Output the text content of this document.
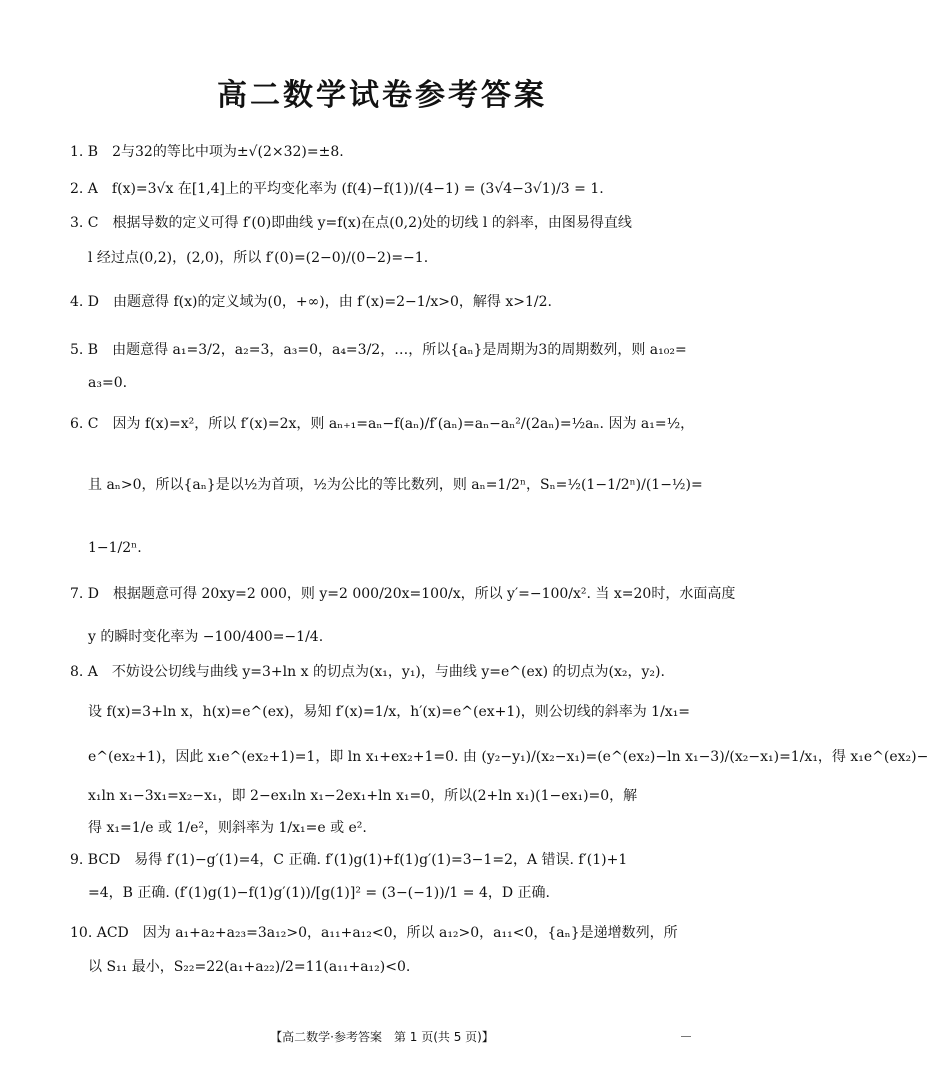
高二数学试卷参考答案
1. B 2与32的等比中项为±√(2×32)=±8.
2. A f(x)=3√x 在[1,4]上的平均变化率为 (f(4)−f(1))/(4−1) = (3√4−3√1)/3 = 1.
3. C 根据导数的定义可得 f′(0)即曲线 y=f(x)在点(0,2)处的切线 l 的斜率，由图易得直线
l 经过点(0,2)，(2,0)，所以 f′(0)=(2−0)/(0−2)=−1.
4. D 由题意得 f(x)的定义域为(0，+∞)，由 f′(x)=2−1/x>0，解得 x>1/2.
5. B 由题意得 a₁=3/2，a₂=3，a₃=0，a₄=3/2，…，所以{aₙ}是周期为3的周期数列，则 a₁₀₂=
a₃=0.
6. C 因为 f(x)=x²，所以 f′(x)=2x，则 aₙ₊₁=aₙ−f(aₙ)/f′(aₙ)=aₙ−aₙ²/(2aₙ)=½aₙ. 因为 a₁=½，
且 aₙ>0，所以{aₙ}是以½为首项，½为公比的等比数列，则 aₙ=1/2ⁿ，Sₙ=½(1−1/2ⁿ)/(1−½)=
1−1/2ⁿ.
7. D 根据题意可得 20xy=2 000，则 y=2 000/20x=100/x，所以 y′=−100/x². 当 x=20时，水面高度
y 的瞬时变化率为 −100/400=−1/4.
8. A 不妨设公切线与曲线 y=3+ln x 的切点为(x₁，y₁)，与曲线 y=e^(ex) 的切点为(x₂，y₂).
设 f(x)=3+ln x，h(x)=e^(ex)，易知 f′(x)=1/x，h′(x)=e^(ex+1)，则公切线的斜率为 1/x₁=
e^(ex₂+1)，因此 x₁e^(ex₂+1)=1，即 ln x₁+ex₂+1=0. 由 (y₂−y₁)/(x₂−x₁)=(e^(ex₂)−ln x₁−3)/(x₂−x₁)=1/x₁，得 x₁e^(ex₂)−
x₁ln x₁−3x₁=x₂−x₁，即 2−ex₁ln x₁−2ex₁+ln x₁=0，所以(2+ln x₁)(1−ex₁)=0，解
得 x₁=1/e 或 1/e²，则斜率为 1/x₁=e 或 e².
9. BCD 易得 f′(1)−g′(1)=4，C 正确. f′(1)g(1)+f(1)g′(1)=3−1=2，A 错误. f′(1)+1
=4，B 正确. (f′(1)g(1)−f(1)g′(1))/[g(1)]² = (3−(−1))/1 = 4，D 正确.
10. ACD 因为 a₁+a₂+a₂₃=3a₁₂>0，a₁₁+a₁₂<0，所以 a₁₂>0，a₁₁<0，{aₙ}是递增数列，所
以 S₁₁ 最小，S₂₂=22(a₁+a₂₂)/2=11(a₁₁+a₁₂)<0.
【高二数学·参考答案　第 1 页(共 5 页)】
